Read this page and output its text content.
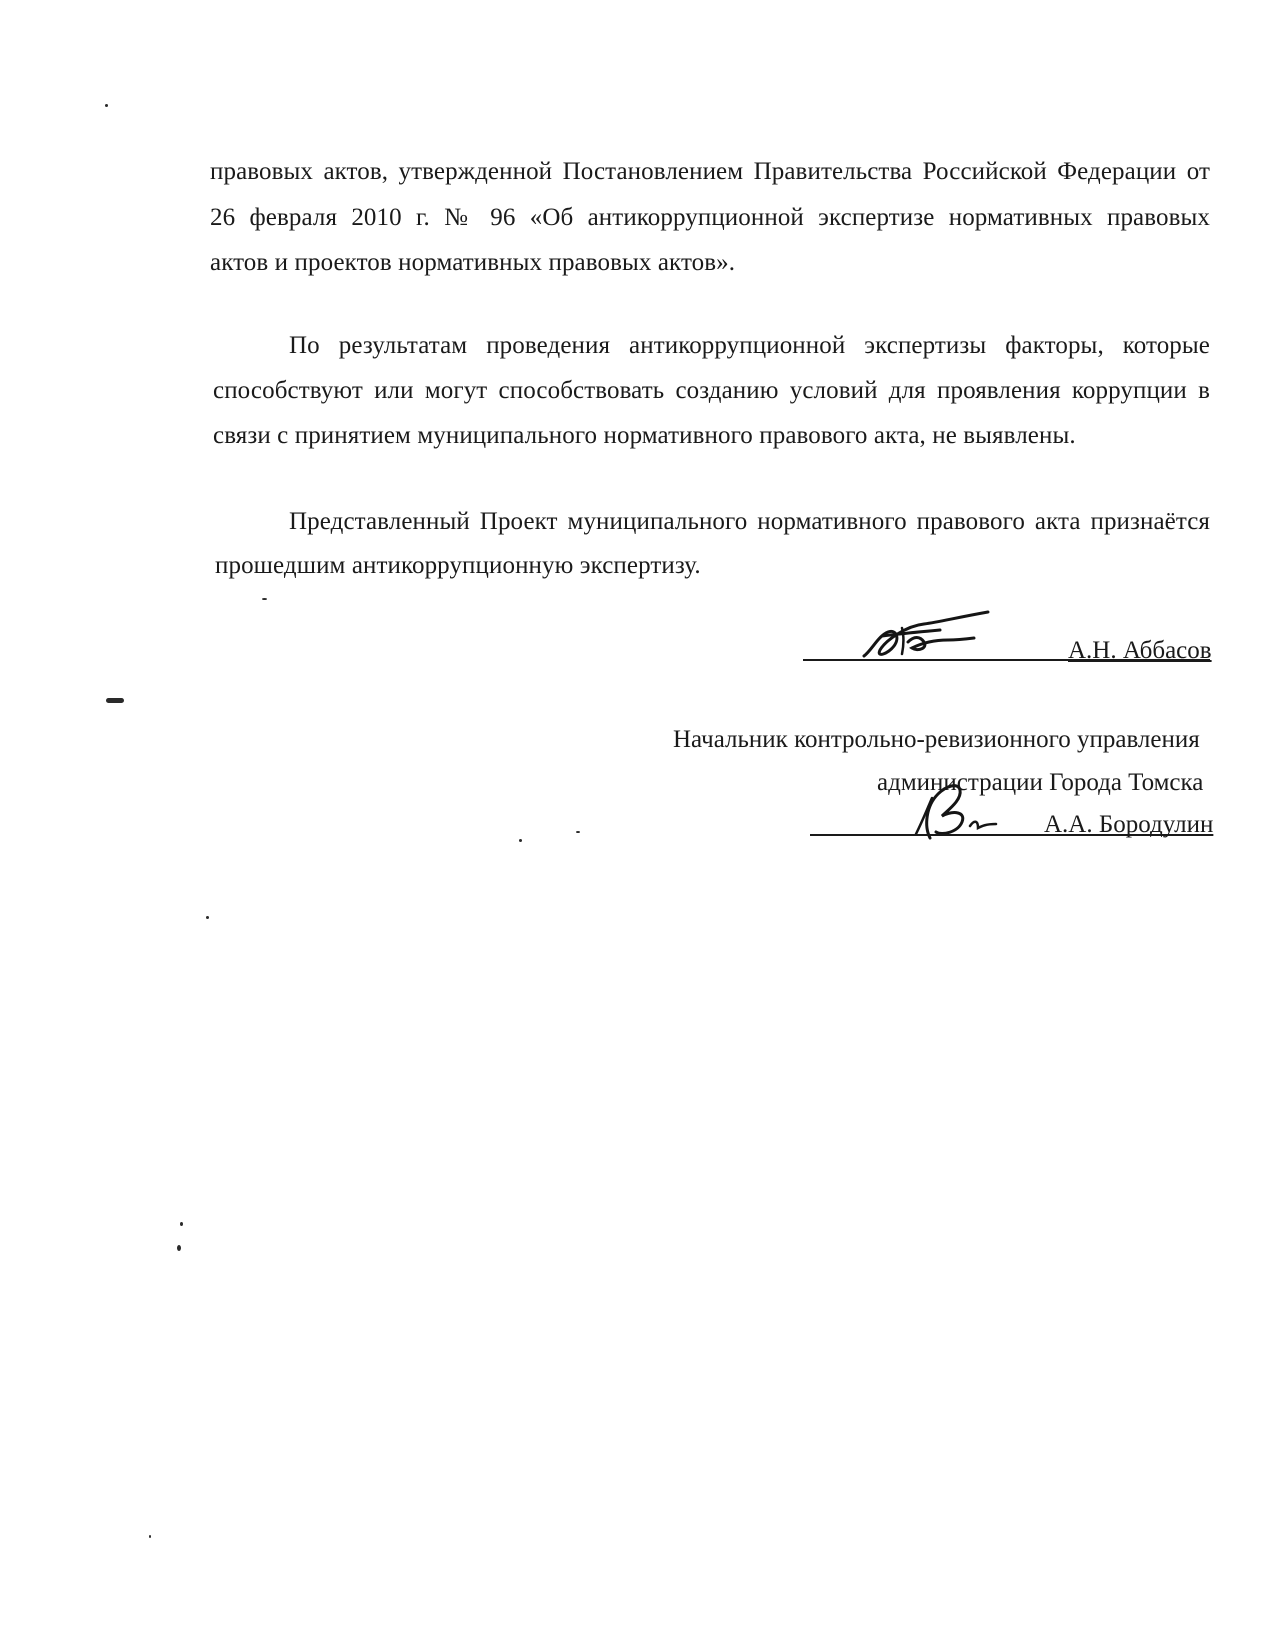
правовых актов, утвержденной Постановлением Правительства Российской Федерации от
26 февраля 2010 г. № 96 «Об антикоррупционной экспертизе нормативных правовых
актов и проектов нормативных правовых актов».
По результатам проведения антикоррупционной экспертизы факторы, которые
способствуют или могут способствовать созданию условий для проявления коррупции в
связи с принятием муниципального нормативного правового акта, не выявлены.
Представленный Проект муниципального нормативного правового акта признаётся
прошедшим антикоррупционную экспертизу.
А.Н. Аббасов
Начальник контрольно-ревизионного управления
администрации Города Томска
А.А. Бородулин
